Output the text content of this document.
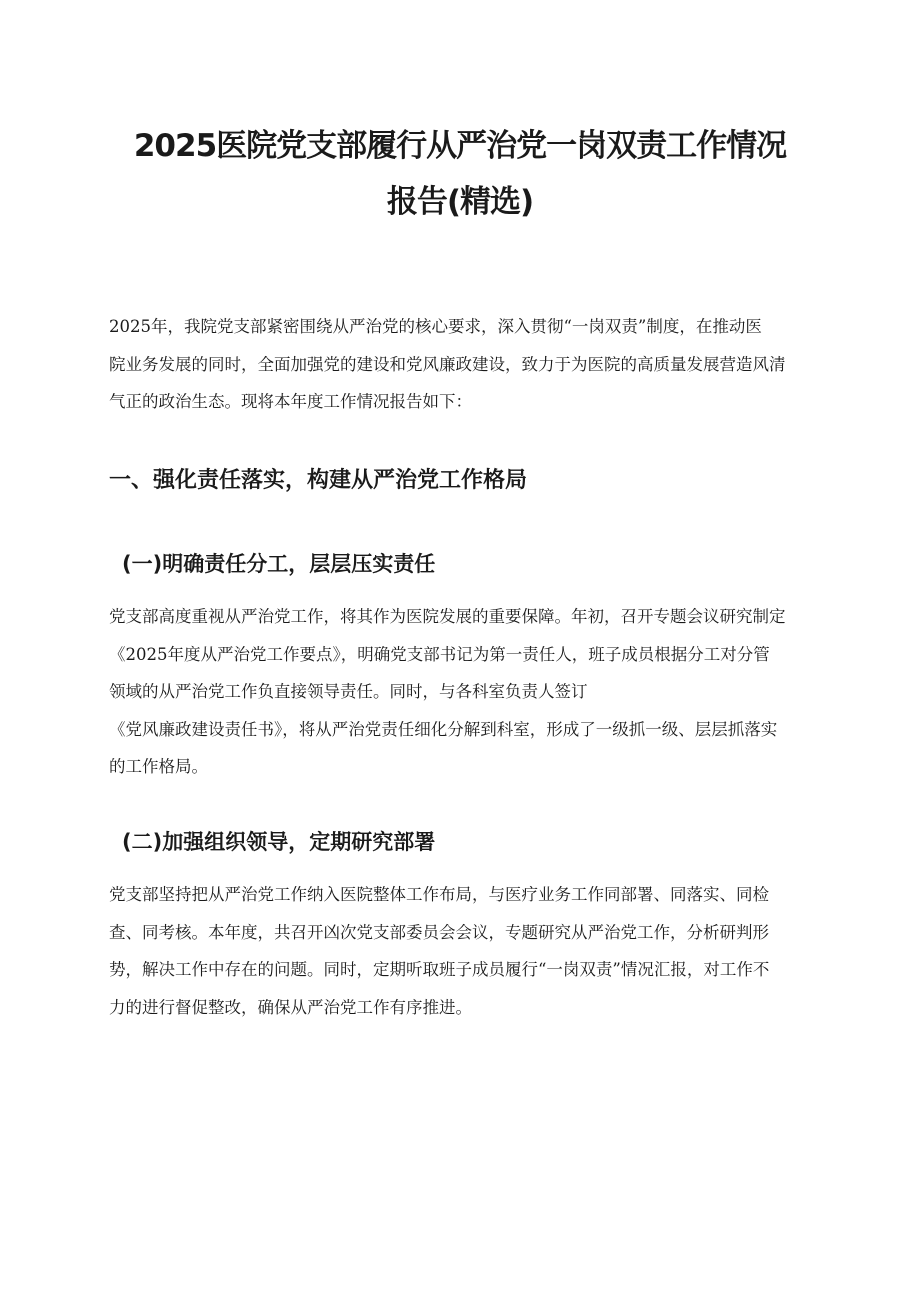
2025医院党支部履行从严治党一岗双责工作情况
报告(精选)

2025年，我院党支部紧密围绕从严治党的核心要求，深入贯彻“一岗双责”制度，在推动医
院业务发展的同时，全面加强党的建设和党风廉政建设，致力于为医院的高质量发展营造风清
气正的政治生态。现将本年度工作情况报告如下：

一、强化责任落实，构建从严治党工作格局
(一)明确责任分工，层层压实责任

党支部高度重视从严治党工作，将其作为医院发展的重要保障。年初，召开专题会议研究制定
《2025年度从严治党工作要点》，明确党支部书记为第一责任人，班子成员根据分工对分管
领域的从严治党工作负直接领导责任。同时，与各科室负责人签订
《党风廉政建设责任书》，将从严治党责任细化分解到科室，形成了一级抓一级、层层抓落实
的工作格局。

(二)加强组织领导，定期研究部署

党支部坚持把从严治党工作纳入医院整体工作布局，与医疗业务工作同部署、同落实、同检
查、同考核。本年度，共召开凶次党支部委员会会议，专题研究从严治党工作，分析研判形
势，解决工作中存在的问题。同时，定期听取班子成员履行“一岗双责”情况汇报，对工作不
力的进行督促整改，确保从严治党工作有序推进。
